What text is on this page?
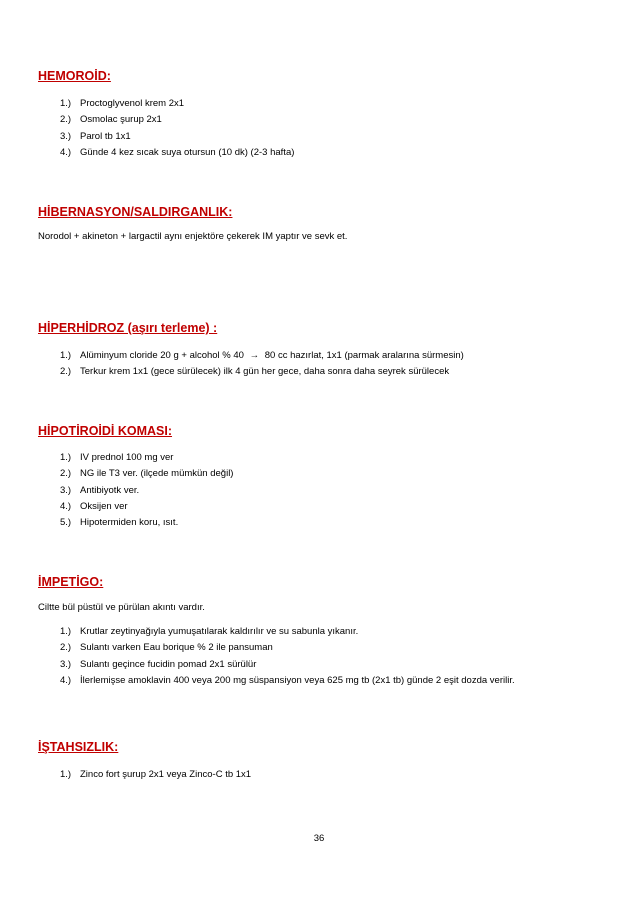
HEMOROİD:
1.) Proctoglyvenol krem 2x1
2.) Osmolac şurup 2x1
3.) Parol tb 1x1
4.) Günde 4 kez sıcak suya otursun (10 dk) (2-3 hafta)
HİBERNASYON/SALDIRGANLIK:

Norodol + akineton + largactil aynı enjektöre çekerek IM yaptır ve sevk et.

HİPERHİDROZ (aşırı terleme) :
1.) Alüminyum cloride 20 g + alcohol % 40 → 80 cc hazırlat, 1x1 (parmak aralarına sürmesin)
2.) Terkur krem 1x1 (gece sürülecek) ilk 4 gün her gece, daha sonra daha seyrek sürülecek
HİPOTİROİDİ KOMASI:
1.) IV prednol 100 mg ver
2.) NG ile T3 ver. (ilçede mümkün değil)
3.) Antibiyotk ver.
4.) Oksijen ver
5.) Hipotermiden koru, ısıt.
İMPETİGO:

Ciltte bül püstül ve pürülan akıntı vardır.

1.) Krutlar zeytinyağıyla yumuşatılarak kaldırılır ve su sabunla yıkanır.
2.) Sulantı varken Eau borique % 2 ile pansuman
3.) Sulantı geçince fucidin pomad 2x1 sürülür
4.) İlerlemişse amoklavin 400 veya 200 mg süspansiyon veya 625 mg tb (2x1 tb) günde 2 eşit dozda verilir.
İŞTAHSIZLIK:
1.) Zinco fort şurup 2x1 veya Zinco-C tb 1x1
36
